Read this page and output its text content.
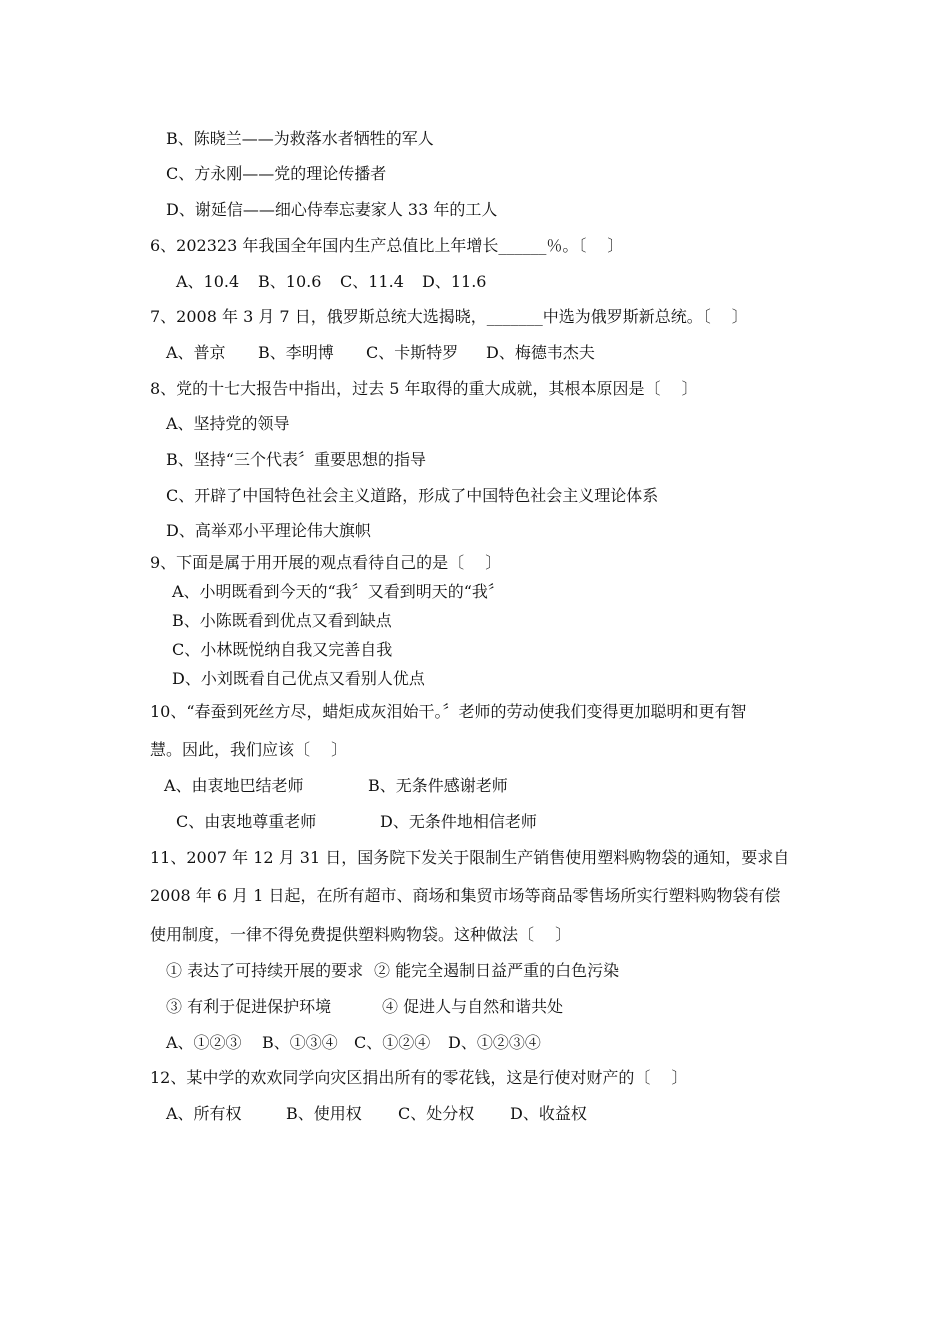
B、陈晓兰——为救落水者牺牲的军人
C、方永刚——党的理论传播者
D、谢延信——细心侍奉忘妻家人 33 年的工人
6、202323 年我国全年国内生产总值比上年增长______％。〔　 〕
A、10.4 B、10.6 C、11.4 D、11.6
7、2008 年 3 月 7 日，俄罗斯总统大选揭晓，_______中选为俄罗斯新总统。〔　 〕
A、普京 B、李明博 C、卡斯特罗 D、梅德韦杰夫
8、党的十七大报告中指出，过去 5 年取得的重大成就，其根本原因是〔　 〕
A、坚持党的领导
B、坚持“三个代表〞重要思想的指导
C、开辟了中国特色社会主义道路，形成了中国特色社会主义理论体系
D、高举邓小平理论伟大旗帜
9、下面是属于用开展的观点看待自己的是〔　 〕
A、小明既看到今天的“我〞又看到明天的“我〞
B、小陈既看到优点又看到缺点
C、小林既悦纳自我又完善自我
D、小刘既看自己优点又看别人优点
10、“春蚕到死丝方尽，蜡炬成灰泪始干。〞老师的劳动使我们变得更加聪明和更有智
慧。因此，我们应该〔　 〕
A、由衷地巴结老师	B、无条件感谢老师
C、由衷地尊重老师	D、无条件地相信老师
11、2007 年 12 月 31 日，国务院下发关于限制生产销售使用塑料购物袋的通知，要求自
2008 年 6 月 1 日起，在所有超市、商场和集贸市场等商品零售场所实行塑料购物袋有偿
使用制度，一律不得免费提供塑料购物袋。这种做法〔　 〕
① 表达了可持续开展的要求 ② 能完全遏制日益严重的白色污染
③ 有利于促进保护环境	④ 促进人与自然和谐共处
A、①②③ B、①③④ C、①②④ D、①②③④
12、某中学的欢欢同学向灾区捐出所有的零花钱，这是行使对财产的〔　 〕
A、所有权	B、使用权 C、处分权 D、收益权
